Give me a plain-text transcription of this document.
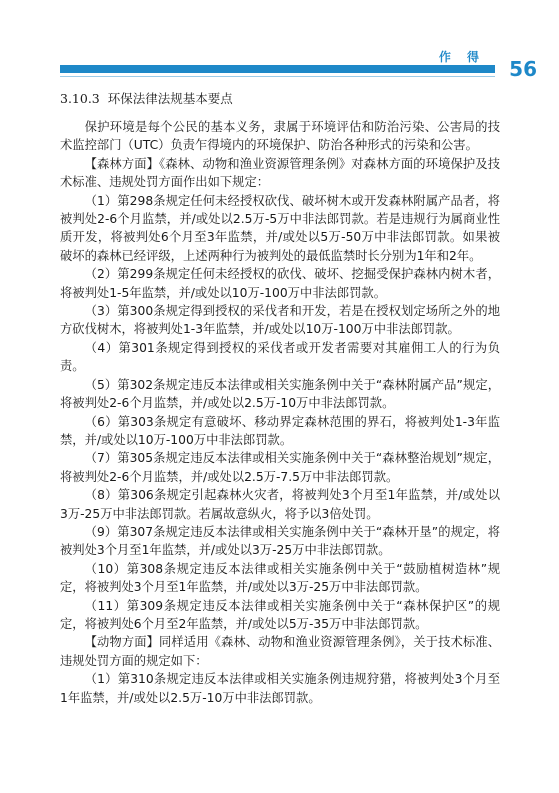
作 得 56
3.10.3  环保法律法规基本要点

保护环境是每个公民的基本义务，隶属于环境评估和防治污染、公害局的技术监控部门（UTC）负责乍得境内的环境保护、防治各种形式的污染和公害。

【森林方面】《森林、动物和渔业资源管理条例》对森林方面的环境保护及技术标准、违规处罚方面作出如下规定：

（1）第298条规定任何未经授权砍伐、破坏树木或开发森林附属产品者，将被判处2-6个月监禁，并/或处以2.5万-5万中非法郎罚款。若是违规行为属商业性质开发，将被判处6个月至3年监禁，并/或处以5万-50万中非法郎罚款。如果被破坏的森林已经评级，上述两种行为被判处的最低监禁时长分别为1年和2年。

（2）第299条规定任何未经授权的砍伐、破坏、挖掘受保护森林内树木者，将被判处1-5年监禁，并/或处以10万-100万中非法郎罚款。

（3）第300条规定得到授权的采伐者和开发，若是在授权划定场所之外的地方砍伐树木，将被判处1-3年监禁，并/或处以10万-100万中非法郎罚款。

（4）第301条规定得到授权的采伐者或开发者需要对其雇佣工人的行为负责。

（5）第302条规定违反本法律或相关实施条例中关于“森林附属产品”规定，将被判处2-6个月监禁，并/或处以2.5万-10万中非法郎罚款。

（6）第303条规定有意破坏、移动界定森林范围的界石，将被判处1-3年监禁，并/或处以10万-100万中非法郎罚款。

（7）第305条规定违反本法律或相关实施条例中关于“森林整治规划”规定，将被判处2-6个月监禁，并/或处以2.5万-7.5万中非法郎罚款。

（8）第306条规定引起森林火灾者，将被判处3个月至1年监禁，并/或处以3万-25万中非法郎罚款。若属故意纵火，将予以3倍处罚。

（9）第307条规定违反本法律或相关实施条例中关于“森林开垦”的规定，将被判处3个月至1年监禁，并/或处以3万-25万中非法郎罚款。

（10）第308条规定违反本法律或相关实施条例中关于“鼓励植树造林”规定，将被判处3个月至1年监禁，并/或处以3万-25万中非法郎罚款。

（11）第309条规定违反本法律或相关实施条例中关于“森林保护区”的规定，将被判处6个月至2年监禁，并/或处以5万-35万中非法郎罚款。

【动物方面】同样适用《森林、动物和渔业资源管理条例》，关于技术标准、违规处罚方面的规定如下：

（1）第310条规定违反本法律或相关实施条例违规狩猎，将被判处3个月至1年监禁，并/或处以2.5万-10万中非法郎罚款。
